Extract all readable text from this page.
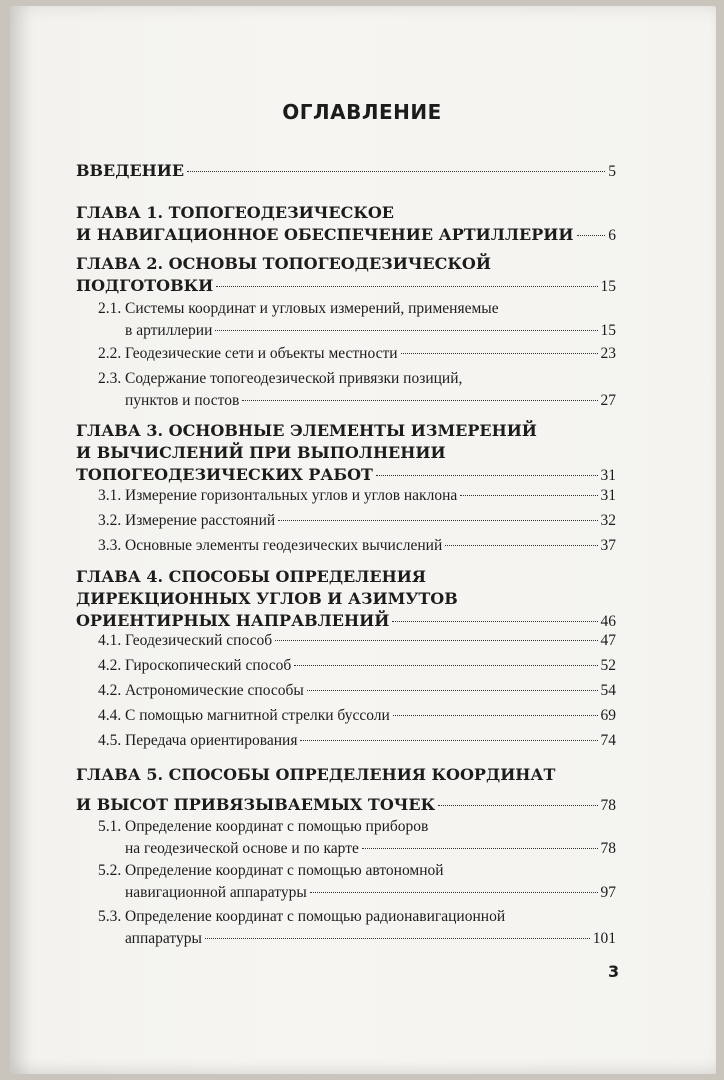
ОГЛАВЛЕНИЕ
ВВЕДЕНИЕ	5
ГЛАВА 1. ТОПОГЕОДЕЗИЧЕСКОЕ
И НАВИГАЦИОННОЕ ОБЕСПЕЧЕНИЕ АРТИЛЛЕРИИ 6
ГЛАВА 2. ОСНОВЫ ТОПОГЕОДЕЗИЧЕСКОЙ
ПОДГОТОВКИ	15
2.1. Системы координат и угловых измерений, применяемые
в артиллерии	15
2.2. Геодезические сети и объекты местности	23
2.3. Содержание топогеодезической привязки позиций,
пунктов и постов	27
ГЛАВА 3. ОСНОВНЫЕ ЭЛЕМЕНТЫ ИЗМЕРЕНИЙ
И ВЫЧИСЛЕНИЙ ПРИ ВЫПОЛНЕНИИ
ТОПОГЕОДЕЗИЧЕСКИХ РАБОТ	31
3.1. Измерение горизонтальных углов и углов наклона	31
3.2. Измерение расстояний	32
3.3. Основные элементы геодезических вычислений	37
ГЛАВА 4. СПОСОБЫ ОПРЕДЕЛЕНИЯ
ДИРЕКЦИОННЫХ УГЛОВ И АЗИМУТОВ
ОРИЕНТИРНЫХ НАПРАВЛЕНИЙ	46
4.1. Геодезический способ	47
4.2. Гироскопический способ	52
4.2. Астрономические способы	54
4.4. С помощью магнитной стрелки буссоли	69
4.5. Передача ориентирования	74
ГЛАВА 5. СПОСОБЫ ОПРЕДЕЛЕНИЯ КООРДИНАТ
И ВЫСОТ ПРИВЯЗЫВАЕМЫХ ТОЧЕК	78
5.1. Определение координат с помощью приборов
на геодезической основе и по карте	78
5.2. Определение координат с помощью автономной
навигационной аппаратуры	97
5.3. Определение координат с помощью радионавигационной
аппаратуры	101
3
